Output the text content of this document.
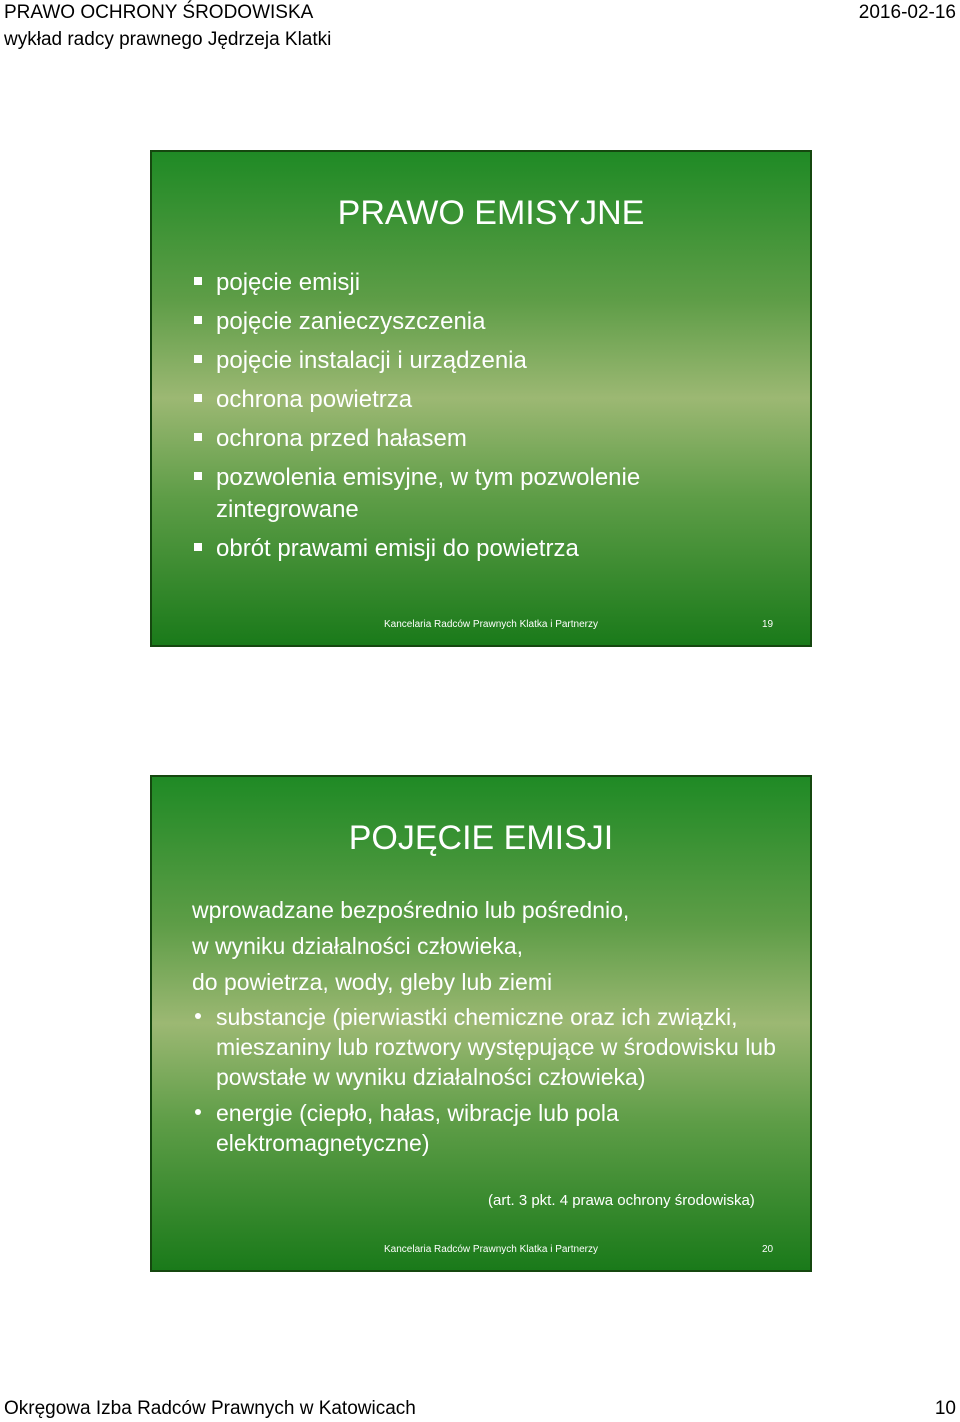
PRAWO OCHRONY ŚRODOWISKA
wykład radcy prawnego Jędrzeja Klatki
2016-02-16
PRAWO EMISYJNE
pojęcie emisji
pojęcie zanieczyszczenia
pojęcie instalacji i urządzenia
ochrona powietrza
ochrona przed hałasem
pozwolenia emisyjne, w tym pozwolenie zintegrowane
obrót prawami emisji do powietrza
Kancelaria Radców Prawnych Klatka i Partnerzy	19
POJĘCIE EMISJI
wprowadzane bezpośrednio lub pośrednio,
w wyniku działalności człowieka,
do powietrza, wody, gleby lub ziemi
substancje (pierwiastki chemiczne oraz ich związki, mieszaniny lub roztwory występujące w środowisku lub powstałe w wyniku działalności człowieka)
energie (ciepło, hałas, wibracje lub pola elektromagnetyczne)
(art. 3 pkt. 4 prawa ochrony środowiska)
Kancelaria Radców Prawnych Klatka i Partnerzy	20
Okręgowa Izba Radców Prawnych w Katowicach	10
